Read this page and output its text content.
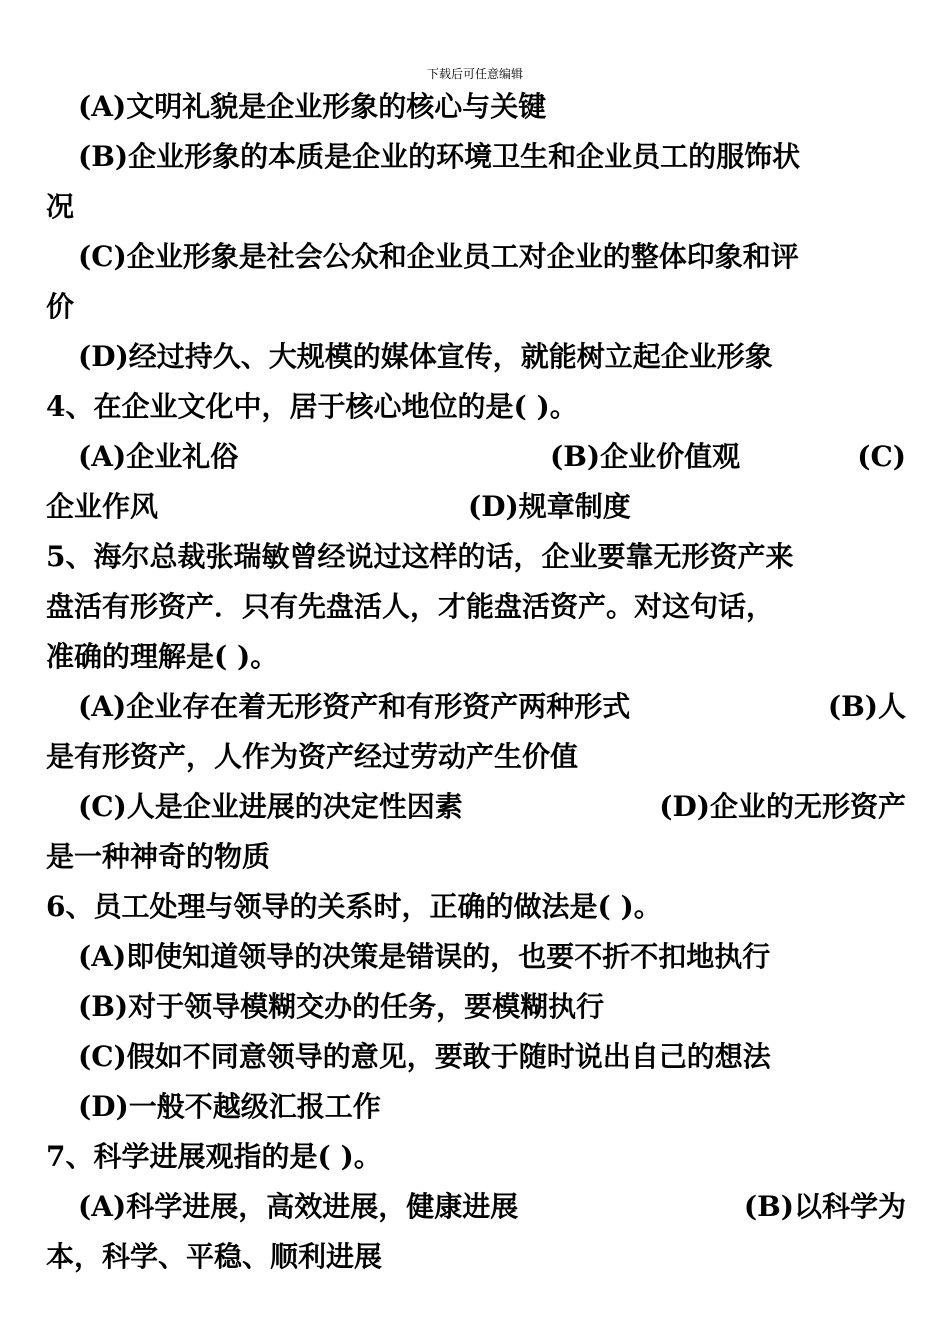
下载后可任意编辑
(A)文明礼貌是企业形象的核心与关键
(B)企业形象的本质是企业的环境卫生和企业员工的服饰状
况
(C)企业形象是社会公众和企业员工对企业的整体印象和评
价
(D)经过持久、大规模的媒体宣传，就能树立起企业形象
4、在企业文化中，居于核心地位的是( )。
(A)企业礼俗	(B)企业价值观	(C)
企业作风	(D)规章制度
5、海尔总裁张瑞敏曾经说过这样的话，企业要靠无形资产来
盘活有形资产．只有先盘活人，才能盘活资产。对这句话，
准确的理解是( )。
(A)企业存在着无形资产和有形资产两种形式	(B)人
是有形资产，人作为资产经过劳动产生价值
(C)人是企业进展的决定性因素	(D)企业的无形资产
是一种神奇的物质
6、员工处理与领导的关系时，正确的做法是( )。
(A)即使知道领导的决策是错误的，也要不折不扣地执行
(B)对于领导模糊交办的任务，要模糊执行
(C)假如不同意领导的意见，要敢于随时说出自己的想法
(D)一般不越级汇报工作
7、科学进展观指的是( )。
(A)科学进展，高效进展，健康进展	(B)以科学为
本，科学、平稳、顺利进展
